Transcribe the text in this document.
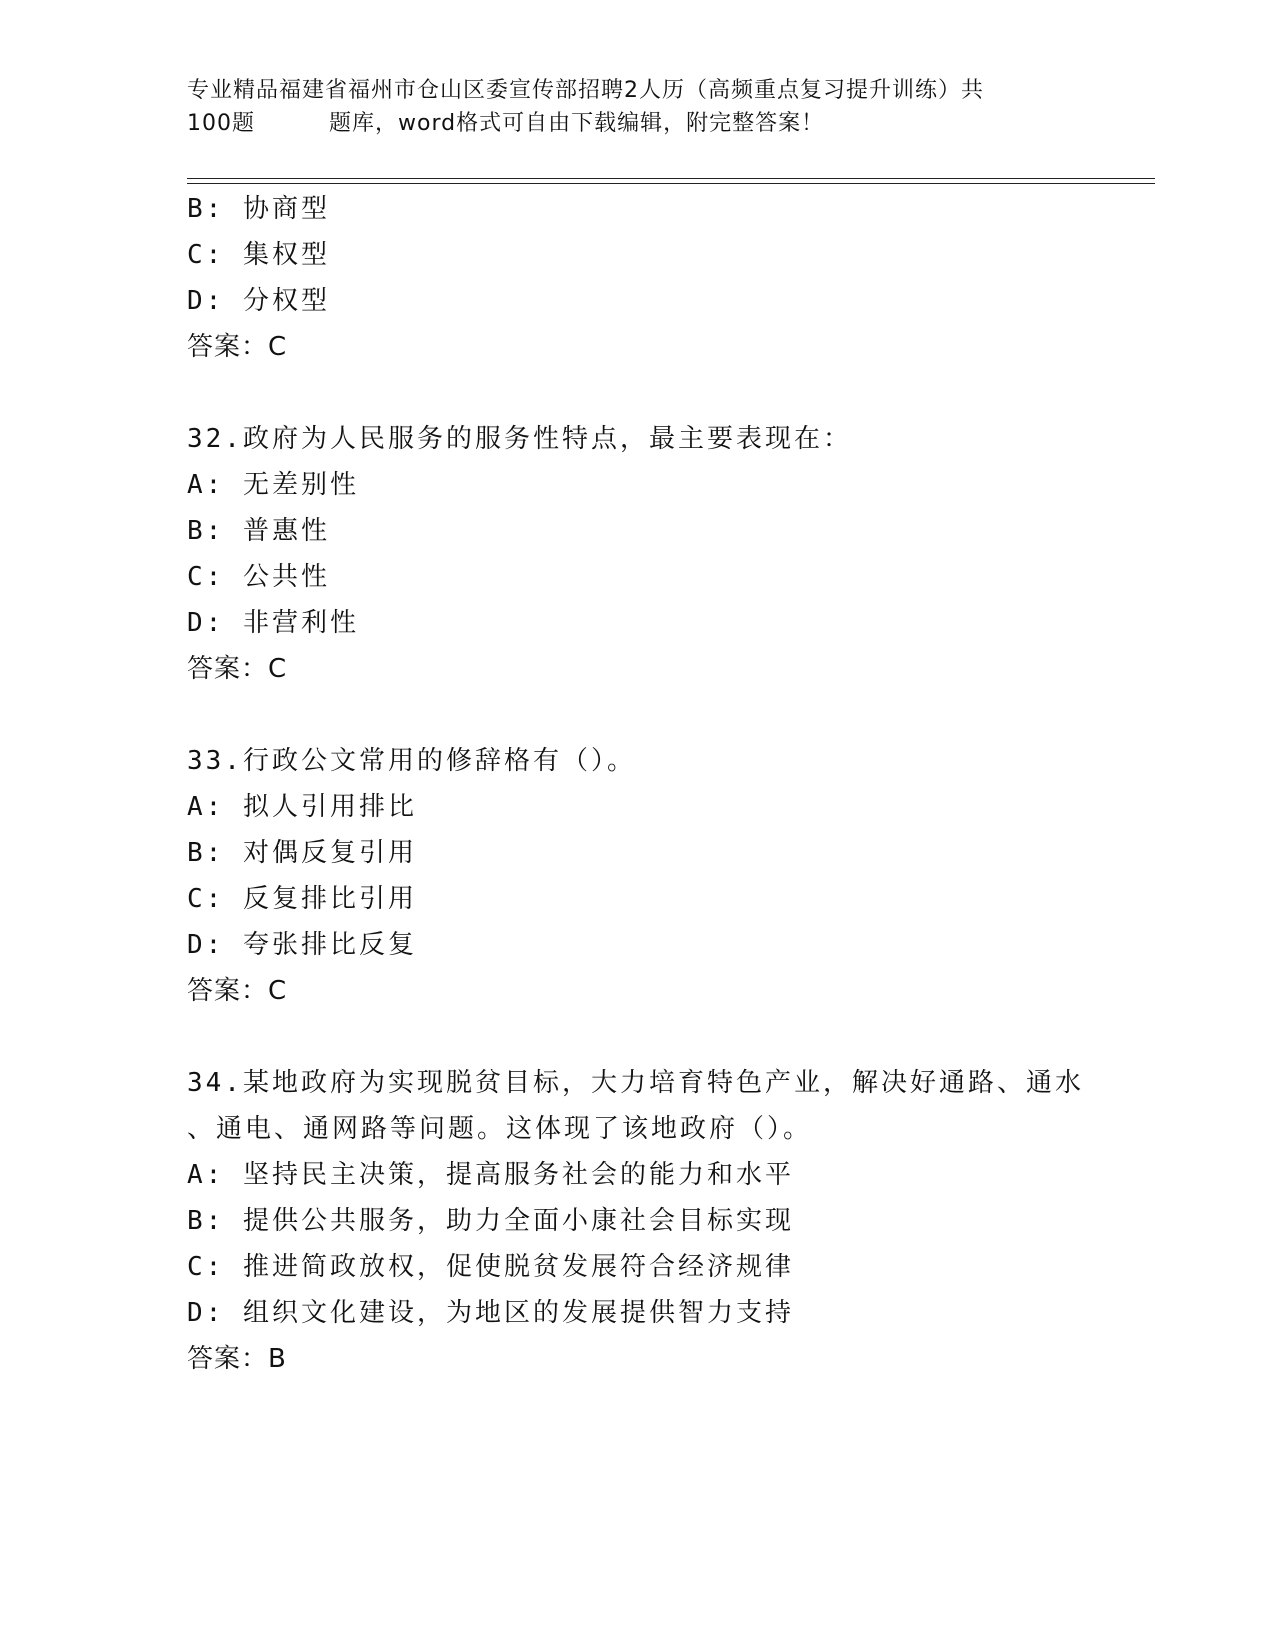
专业精品福建省福州市仓山区委宣传部招聘2人历（高频重点复习提升训练）共
100题	题库，word格式可自由下载编辑，附完整答案！
B: 协商型
C: 集权型
D: 分权型
答案：C
32.政府为人民服务的服务性特点，最主要表现在：
A: 无差别性
B: 普惠性
C: 公共性
D: 非营利性
答案：C
33.行政公文常用的修辞格有（）。
A: 拟人引用排比
B: 对偶反复引用
C: 反复排比引用
D: 夸张排比反复
答案：C
34.某地政府为实现脱贫目标，大力培育特色产业，解决好通路、通水
、通电、通网路等问题。这体现了该地政府（）。
A: 坚持民主决策，提高服务社会的能力和水平
B: 提供公共服务，助力全面小康社会目标实现
C: 推进简政放权，促使脱贫发展符合经济规律
D: 组织文化建设，为地区的发展提供智力支持
答案：B
